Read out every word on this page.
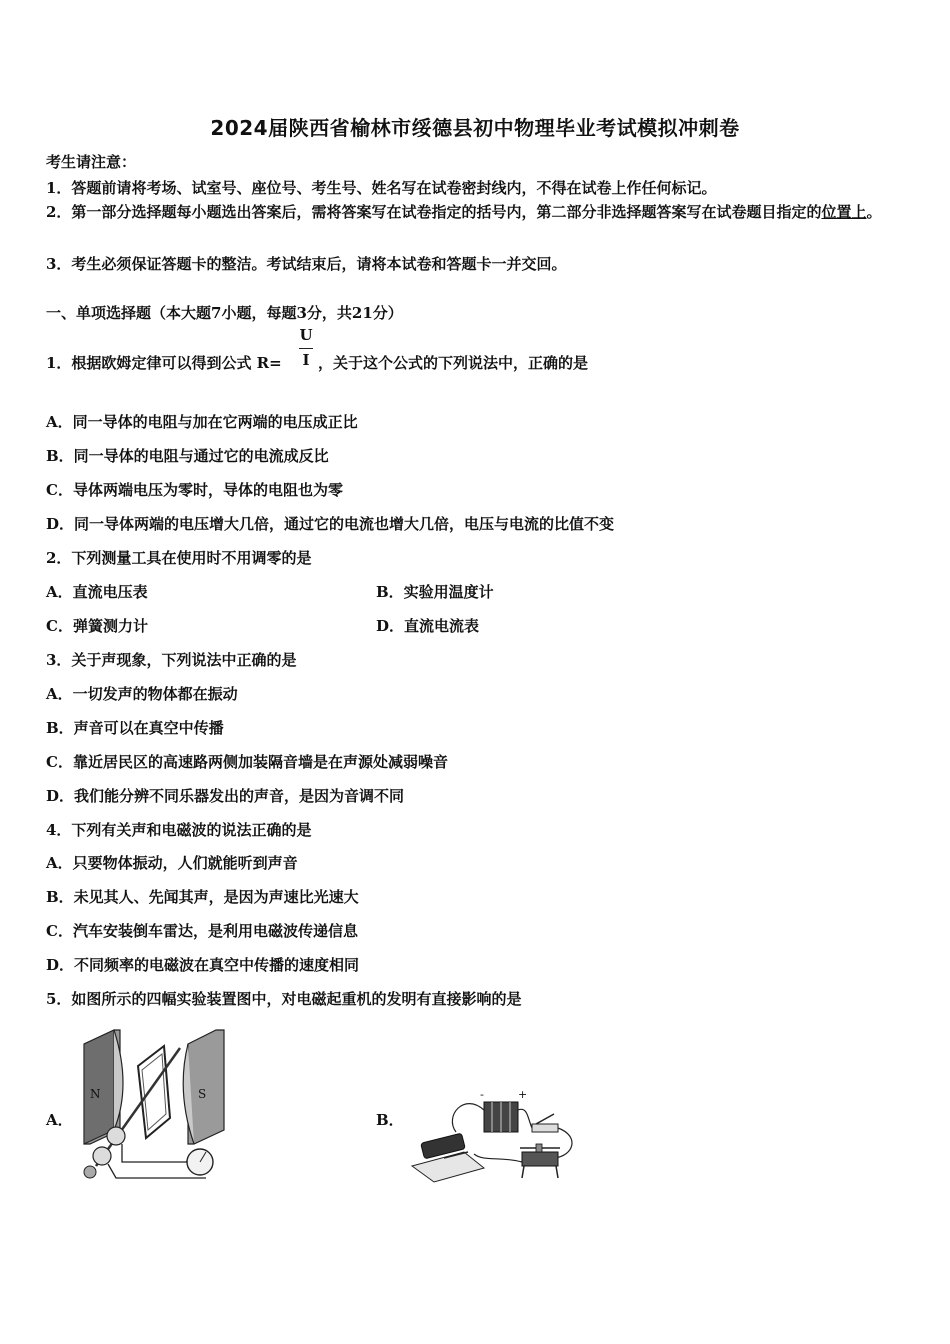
2024届陕西省榆林市绥德县初中物理毕业考试模拟冲刺卷
考生请注意：
1．答题前请将考场、试室号、座位号、考生号、姓名写在试卷密封线内，不得在试卷上作任何标记。
2．第一部分选择题每小题选出答案后，需将答案写在试卷指定的括号内，第二部分非选择题答案写在试卷题目指定的位置上。
3．考生必须保证答题卡的整洁。考试结束后，请将本试卷和答题卡一并交回。
一、单项选择题（本大题7小题，每题3分，共21分）
1．根据欧姆定律可以得到公式 R=
U
I ，关于这个公式的下列说法中，正确的是
A．同一导体的电阻与加在它两端的电压成正比
B．同一导体的电阻与通过它的电流成反比
C．导体两端电压为零时，导体的电阻也为零
D．同一导体两端的电压增大几倍，通过它的电流也增大几倍，电压与电流的比值不变
2．下列测量工具在使用时不用调零的是
A．直流电压表	B．实验用温度计
C．弹簧测力计	D．直流电流表
3．关于声现象，下列说法中正确的是
A．一切发声的物体都在振动
B．声音可以在真空中传播
C．靠近居民区的高速路两侧加装隔音墙是在声源处减弱噪音
D．我们能分辨不同乐器发出的声音，是因为音调不同
4．下列有关声和电磁波的说法正确的是
A．只要物体振动，人们就能听到声音
B．未见其人、先闻其声，是因为声速比光速大
C．汽车安装倒车雷达，是利用电磁波传递信息
D．不同频率的电磁波在真空中传播的速度相同
5．如图所示的四幅实验装置图中，对电磁起重机的发明有直接影响的是
A．	B．
N	S	-	+
